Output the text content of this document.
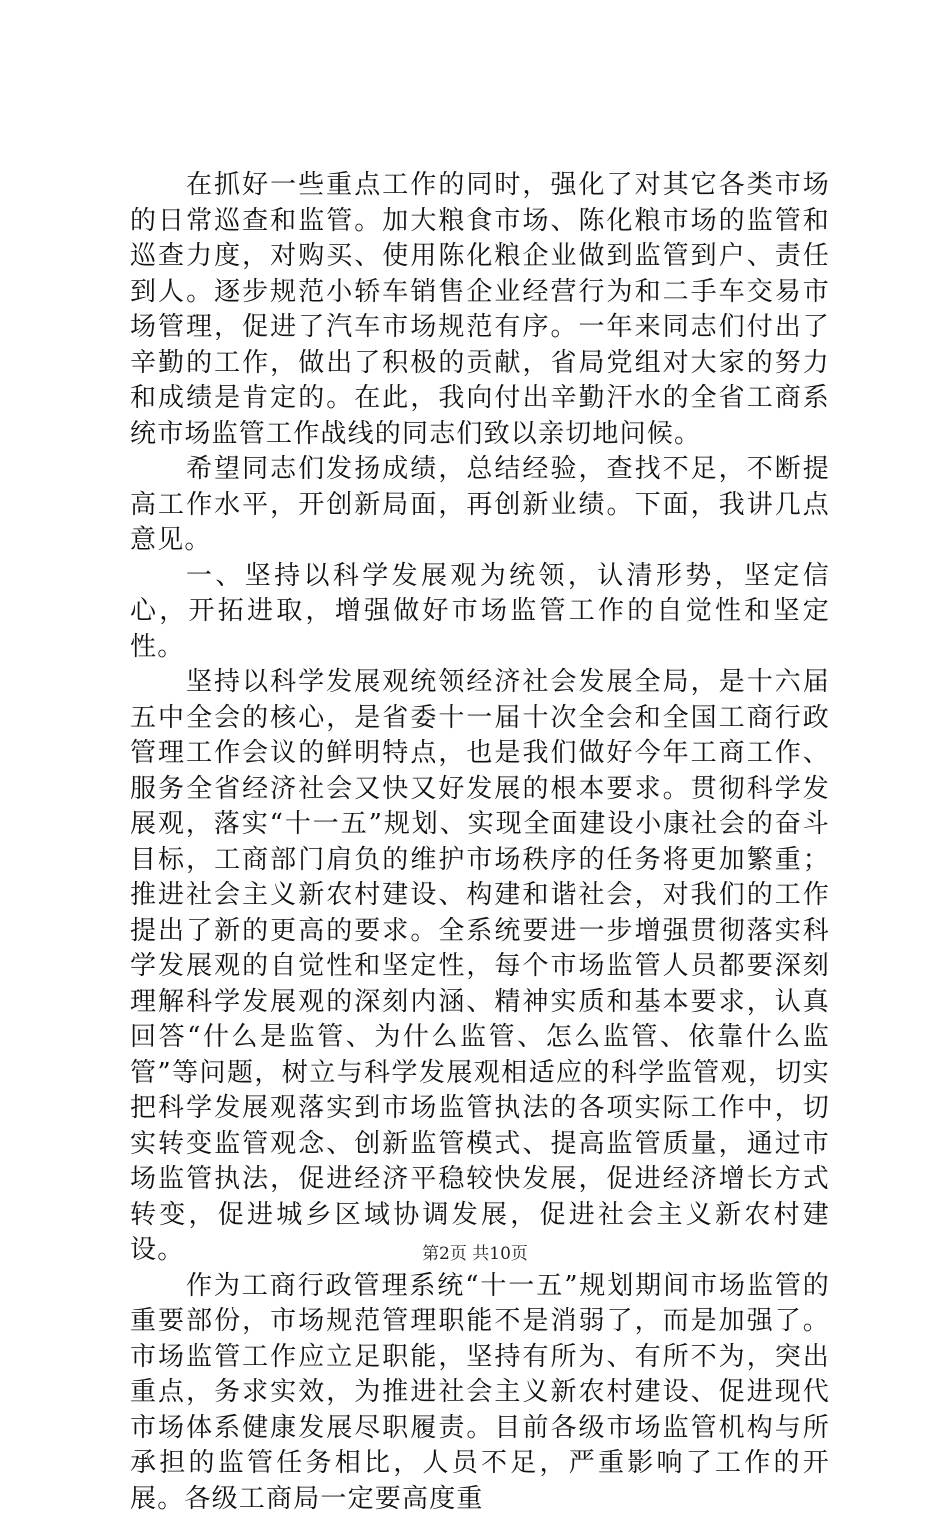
在抓好一些重点工作的同时，强化了对其它各类市场的日常巡查和监管。加大粮食市场、陈化粮市场的监管和巡查力度，对购买、使用陈化粮企业做到监管到户、责任到人。逐步规范小轿车销售企业经营行为和二手车交易市场管理，促进了汽车市场规范有序。一年来同志们付出了辛勤的工作，做出了积极的贡献，省局党组对大家的努力和成绩是肯定的。在此，我向付出辛勤汗水的全省工商系统市场监管工作战线的同志们致以亲切地问候。

希望同志们发扬成绩，总结经验，查找不足，不断提高工作水平，开创新局面，再创新业绩。下面，我讲几点意见。

一、坚持以科学发展观为统领，认清形势，坚定信心，开拓进取，增强做好市场监管工作的自觉性和坚定性。

坚持以科学发展观统领经济社会发展全局，是十六届五中全会的核心，是省委十一届十次全会和全国工商行政管理工作会议的鲜明特点，也是我们做好今年工商工作、服务全省经济社会又快又好发展的根本要求。贯彻科学发展观，落实“十一五”规划、实现全面建设小康社会的奋斗目标，工商部门肩负的维护市场秩序的任务将更加繁重；推进社会主义新农村建设、构建和谐社会，对我们的工作提出了新的更高的要求。全系统要进一步增强贯彻落实科学发展观的自觉性和坚定性，每个市场监管人员都要深刻理解科学发展观的深刻内涵、精神实质和基本要求，认真回答“什么是监管、为什么监管、怎么监管、依靠什么监管”等问题，树立与科学发展观相适应的科学监管观，切实把科学发展观落实到市场监管执法的各项实际工作中，切实转变监管观念、创新监管模式、提高监管质量，通过市场监管执法，促进经济平稳较快发展，促进经济增长方式转变，促进城乡区域协调发展，促进社会主义新农村建设。

作为工商行政管理系统“十一五”规划期间市场监管的重要部份，市场规范管理职能不是消弱了，而是加强了。市场监管工作应立足职能，坚持有所为、有所不为，突出重点，务求实效，为推进社会主义新农村建设、促进现代市场体系健康发展尽职履责。目前各级市场监管机构与所承担的监管任务相比，人员不足，严重影响了工作的开展。各级工商局一定要高度重

第2页 共10页
